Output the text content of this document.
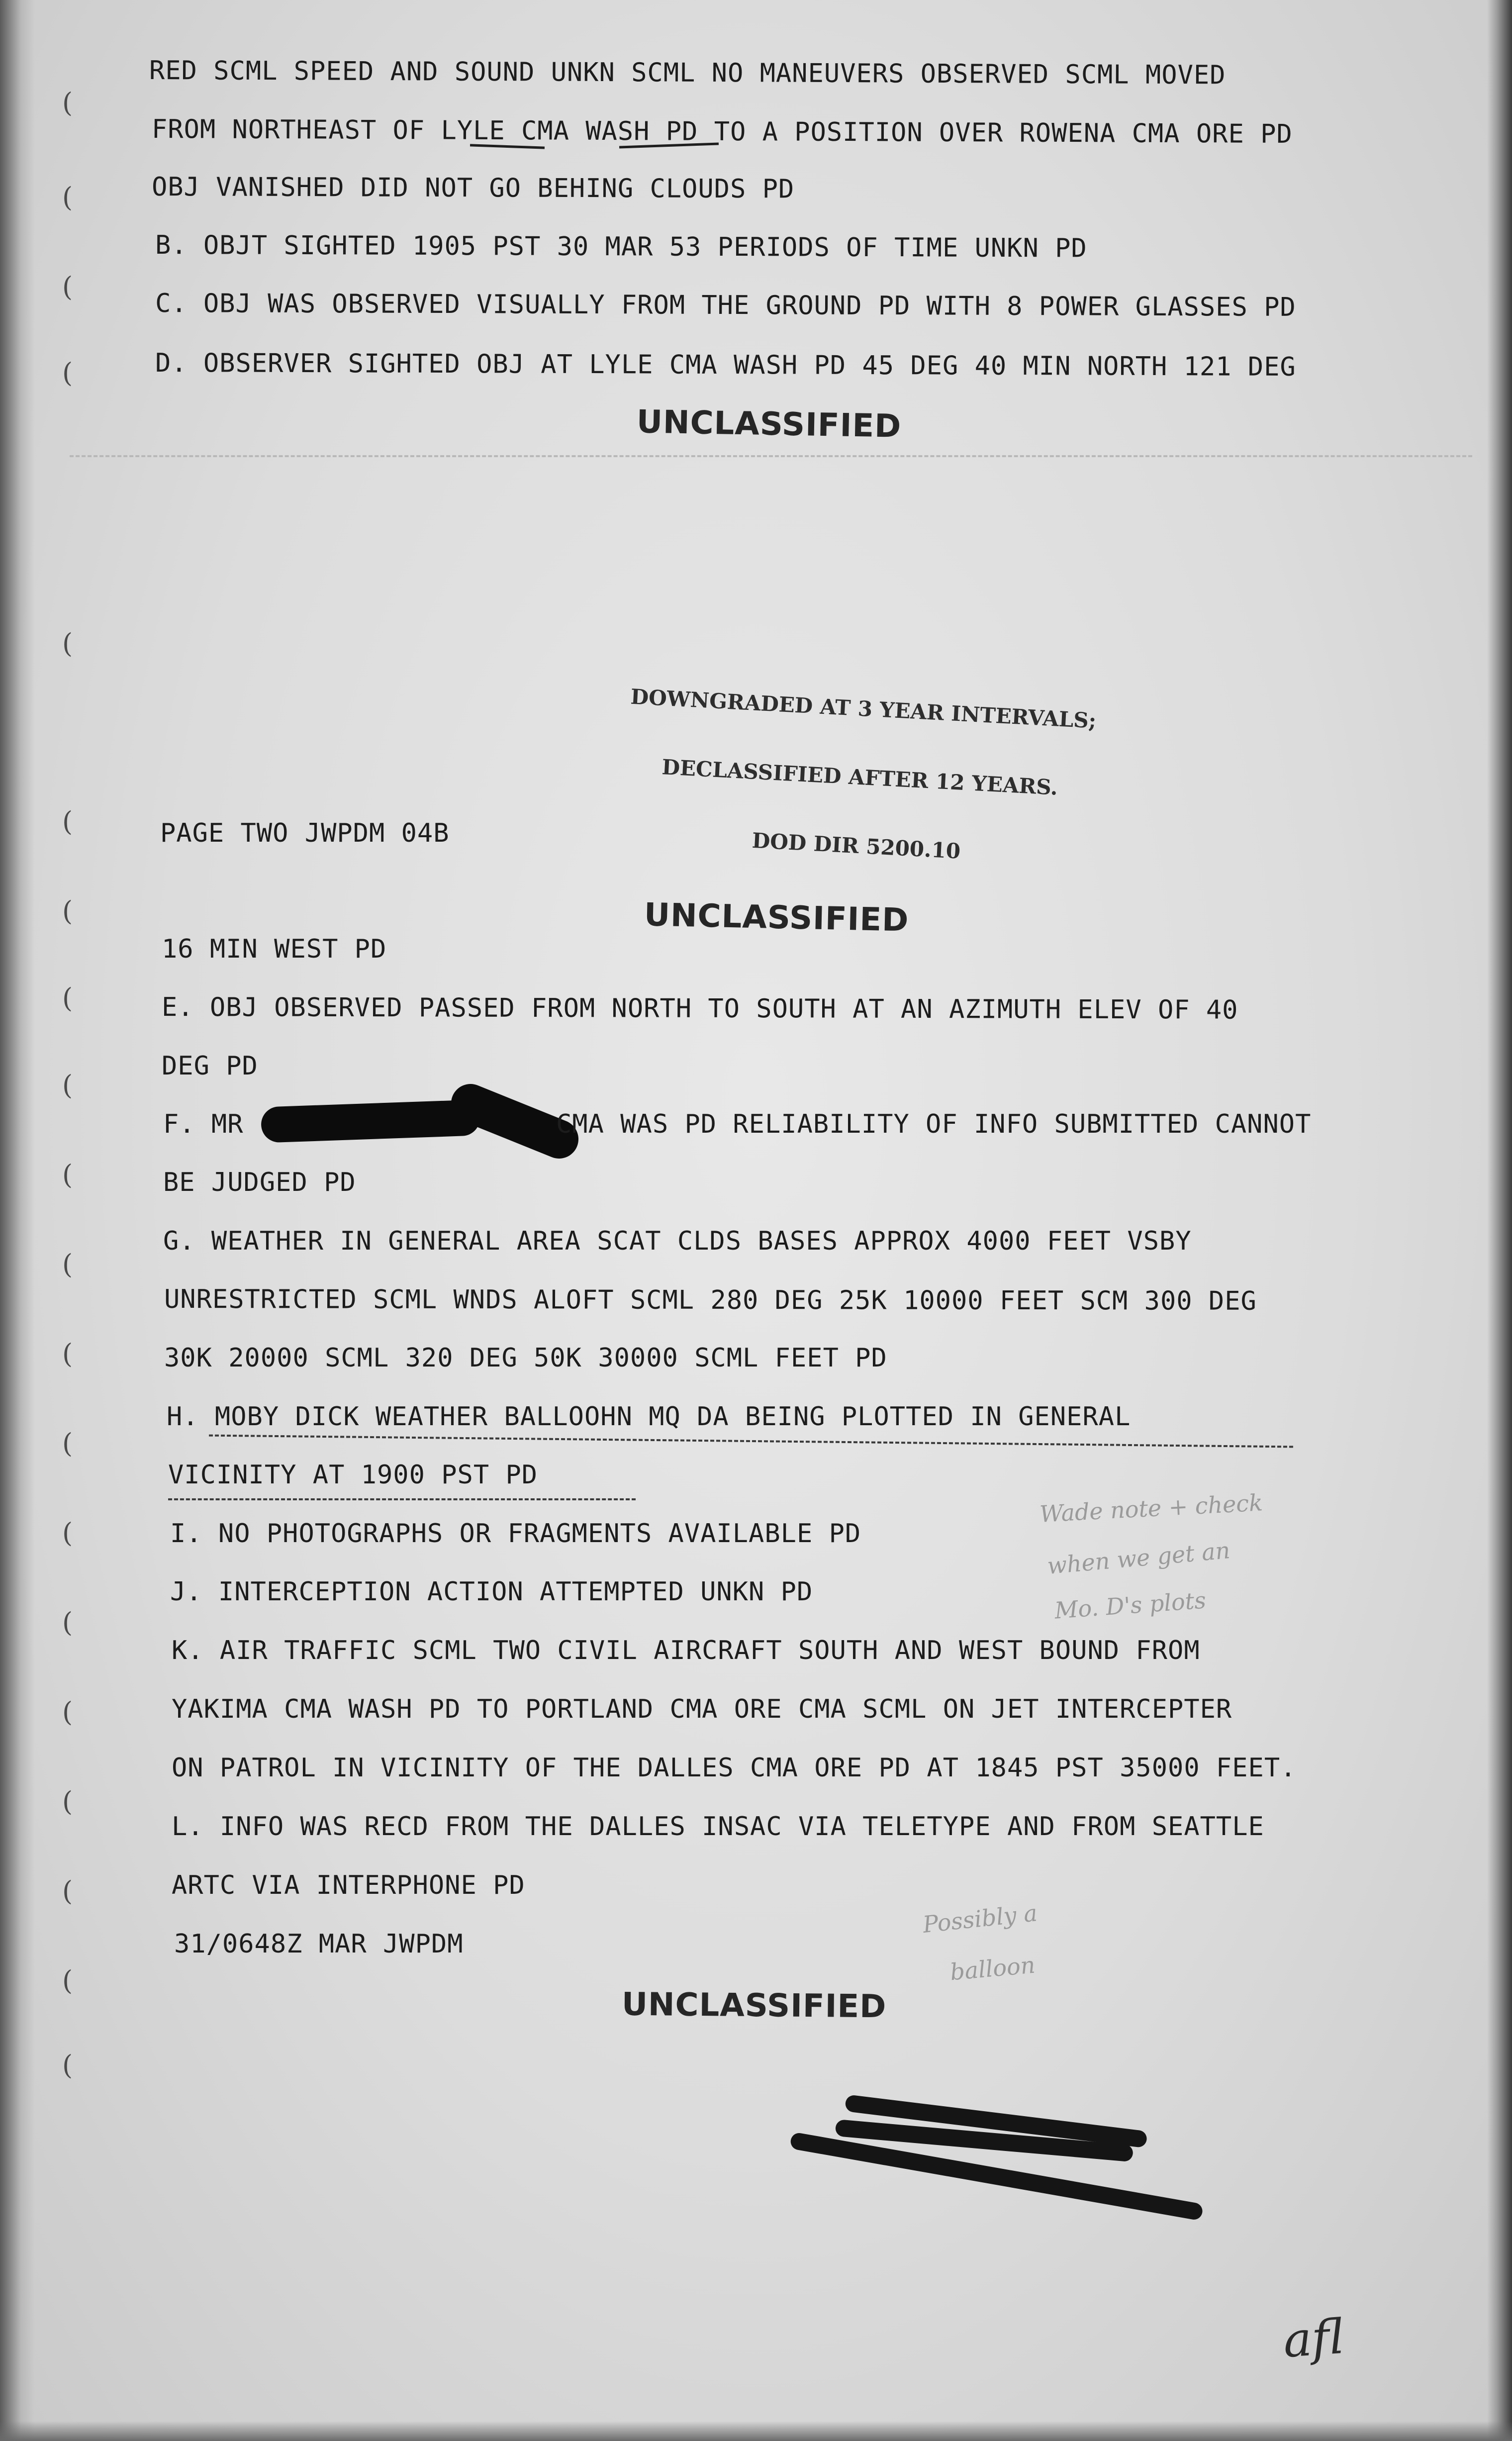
(
(
(
(
(
(
(
(
(
(
(
(
(
(
(
(
(
(
(
(
RED SCML SPEED AND SOUND UNKN SCML NO MANEUVERS OBSERVED SCML MOVED
FROM NORTHEAST OF LYLE CMA WASH PD TO A POSITION OVER ROWENA CMA ORE PD
OBJ VANISHED DID NOT GO BEHING CLOUDS PD
B. OBJT SIGHTED 1905 PST 30 MAR 53 PERIODS OF TIME UNKN PD
C. OBJ WAS OBSERVED VISUALLY FROM THE GROUND PD WITH 8 POWER GLASSES PD
D. OBSERVER SIGHTED OBJ AT LYLE CMA WASH PD 45 DEG 40 MIN NORTH 121 DEG
UNCLASSIFIED

DOWNGRADED AT 3 YEAR INTERVALS;

DECLASSIFIED AFTER 12 YEARS.

DOD DIR 5200.10

PAGE TWO JWPDM 04B
UNCLASSIFIED
16 MIN WEST PD
E. OBJ OBSERVED PASSED FROM NORTH TO SOUTH AT AN AZIMUTH ELEV OF 40
DEG PD
F. MR	CMA WAS PD RELIABILITY OF INFO SUBMITTED CANNOT
BE JUDGED PD
G. WEATHER IN GENERAL AREA SCAT CLDS BASES APPROX 4000 FEET VSBY
UNRESTRICTED SCML WNDS ALOFT SCML 280 DEG 25K 10000 FEET SCM 300 DEG
30K 20000 SCML 320 DEG 50K 30000 SCML FEET PD
H. MOBY DICK WEATHER BALLOOHN MQ DA BEING PLOTTED IN GENERAL
VICINITY AT 1900 PST PD
I. NO PHOTOGRAPHS OR FRAGMENTS AVAILABLE PD
J. INTERCEPTION ACTION ATTEMPTED UNKN PD
K. AIR TRAFFIC SCML TWO CIVIL AIRCRAFT SOUTH AND WEST BOUND FROM
YAKIMA CMA WASH PD TO PORTLAND CMA ORE CMA SCML ON JET INTERCEPTER
ON PATROL IN VICINITY OF THE DALLES CMA ORE PD AT 1845 PST 35000 FEET.
L. INFO WAS RECD FROM THE DALLES INSAC VIA TELETYPE AND FROM SEATTLE
ARTC VIA INTERPHONE PD
31/0648Z MAR JWPDM
Wade note + check
when we get an
Mo. D's plots
Possibly a
balloon
UNCLASSIFIED
afl
